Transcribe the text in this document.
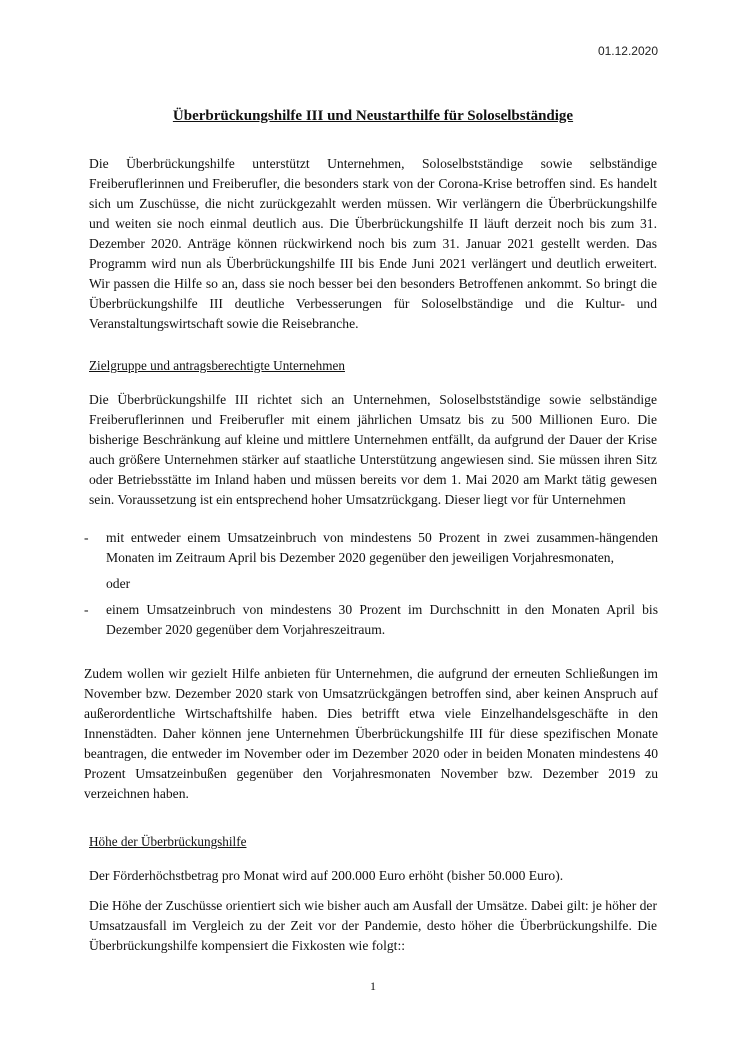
01.12.2020
Überbrückungshilfe III und Neustarthilfe für Soloselbständige
Die Überbrückungshilfe unterstützt Unternehmen, Soloselbstständige sowie selbständige Freiberuflerinnen und Freiberufler, die besonders stark von der Corona-Krise betroffen sind. Es handelt sich um Zuschüsse, die nicht zurückgezahlt werden müssen. Wir verlängern die Überbrückungshilfe und weiten sie noch einmal deutlich aus. Die Überbrückungshilfe II läuft derzeit noch bis zum 31. Dezember 2020. Anträge können rückwirkend noch bis zum 31. Januar 2021 gestellt werden. Das Programm wird nun als Überbrückungshilfe III bis Ende Juni 2021 verlängert und deutlich erweitert. Wir passen die Hilfe so an, dass sie noch besser bei den besonders Betroffenen ankommt. So bringt die Überbrückungshilfe III deutliche Verbesserungen für Soloselbständige und die Kultur- und Veranstaltungswirtschaft sowie die Reisebranche.
Zielgruppe und antragsberechtigte Unternehmen
Die Überbrückungshilfe III richtet sich an Unternehmen, Soloselbstständige sowie selbständige Freiberuflerinnen und Freiberufler mit einem jährlichen Umsatz bis zu 500 Millionen Euro. Die bisherige Beschränkung auf kleine und mittlere Unternehmen entfällt, da aufgrund der Dauer der Krise auch größere Unternehmen stärker auf staatliche Unterstützung angewiesen sind. Sie müssen ihren Sitz oder Betriebsstätte im Inland haben und müssen bereits vor dem 1. Mai 2020 am Markt tätig gewesen sein. Voraussetzung ist ein entsprechend hoher Umsatzrückgang. Dieser liegt vor für Unternehmen
- mit entweder einem Umsatzeinbruch von mindestens 50 Prozent in zwei zusammen-hängenden Monaten im Zeitraum April bis Dezember 2020 gegenüber den jeweiligen Vorjahresmonaten,
oder
- einem Umsatzeinbruch von mindestens 30 Prozent im Durchschnitt in den Monaten April bis Dezember 2020 gegenüber dem Vorjahreszeitraum.
Zudem wollen wir gezielt Hilfe anbieten für Unternehmen, die aufgrund der erneuten Schließungen im November bzw. Dezember 2020 stark von Umsatzrückgängen betroffen sind, aber keinen Anspruch auf außerordentliche Wirtschaftshilfe haben. Dies betrifft etwa viele Einzelhandelsgeschäfte in den Innenstädten. Daher können jene Unternehmen Überbrückungshilfe III für diese spezifischen Monate beantragen, die entweder im November oder im Dezember 2020 oder in beiden Monaten mindestens 40 Prozent Umsatzeinbußen gegenüber den Vorjahresmonaten November bzw. Dezember 2019 zu verzeichnen haben.
Höhe der Überbrückungshilfe
Der Förderhöchstbetrag pro Monat wird auf 200.000 Euro erhöht (bisher 50.000 Euro).
Die Höhe der Zuschüsse orientiert sich wie bisher auch am Ausfall der Umsätze. Dabei gilt: je höher der Umsatzausfall im Vergleich zu der Zeit vor der Pandemie, desto höher die Überbrückungshilfe. Die Überbrückungshilfe kompensiert die Fixkosten wie folgt::
1
